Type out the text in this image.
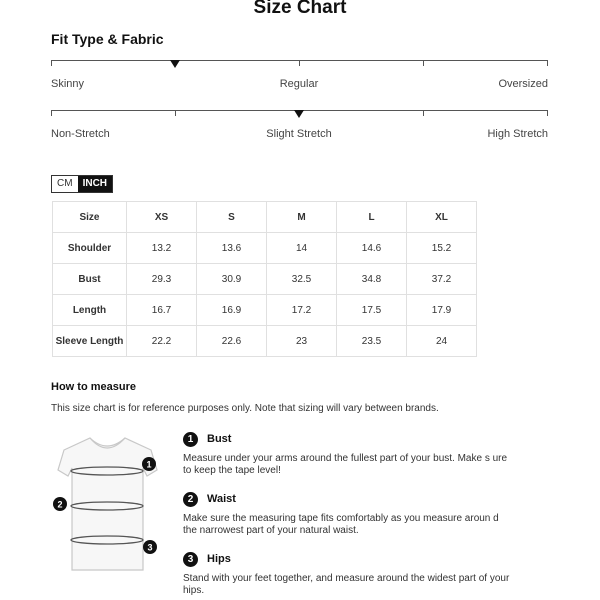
Size Chart
Fit Type & Fabric
Skinny	Regular	Oversized
Non-Stretch	Slight Stretch	High Stretch
CM	INCH
Size	XS	S	M	L	XL
Shoulder	13.2	13.6	14	14.6	15.2
Bust	29.3	30.9	32.5	34.8	37.2
Length	16.7	16.9	17.2	17.5	17.9
Sleeve Length	22.2	22.6	23	23.5	24
How to measure
This size chart is for reference purposes only. Note that sizing will vary between brands.
1
2
3
1	Bust
Measure under your arms around the fullest part of your bust. Make s ure to keep the tape level!
2	Waist
Make sure the measuring tape fits comfortably as you measure aroun d the narrowest part of your natural waist.
3	Hips
Stand with your feet together, and measure around the widest part of your hips.
